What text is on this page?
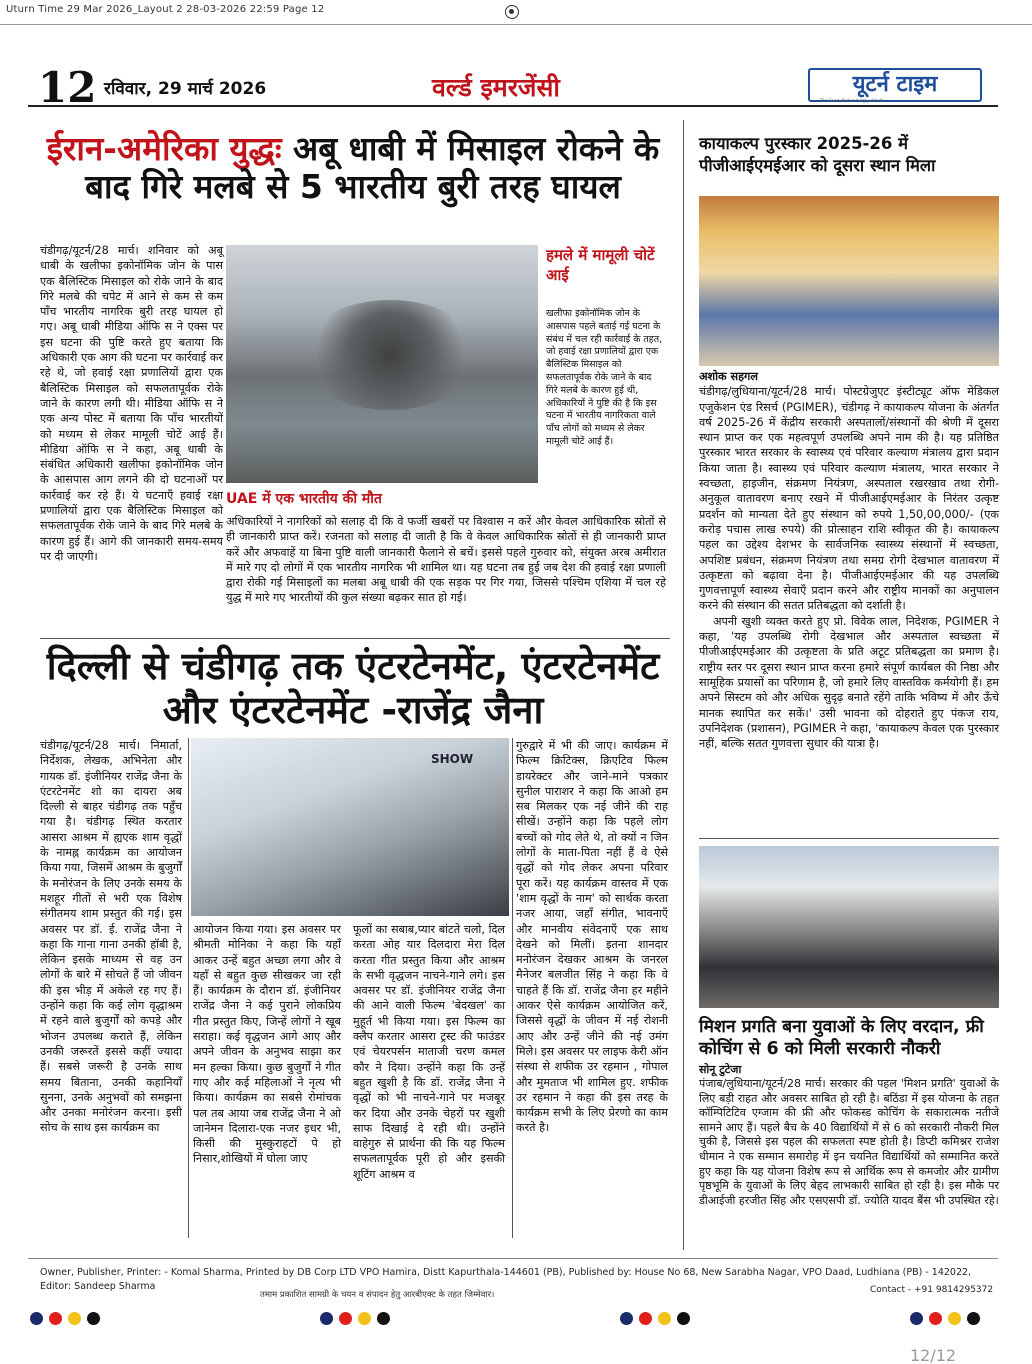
Uturn Time 29 Mar 2026_Layout 2 28-03-2026 22:59 Page 12
12 रविवार, 29 मार्च 2026	वर्ल्ड इमरजेंसी	यूटर्न टाइम
The Good, Bad and Ugly of India
ईरान-अमेरिका युद्धः अबू धाबी में मिसाइल रोकने के बाद गिरे मलबे से 5 भारतीय बुरी तरह घायल
चंडीगढ़/यूटर्न/28 मार्च। शनिवार को अबू धाबी के खलीफा इकोनॉमिक जोन के पास एक बैलिस्टिक मिसाइल को रोके जाने के बाद गिरे मलबे की चपेट में आने से कम से कम पाँच भारतीय नागरिक बुरी तरह घायल हो गए। अबू धाबी मीडिया ऑफि स ने एक्स पर इस घटना की पुष्टि करते हुए बताया कि अधिकारी एक आग की घटना पर कार्रवाई कर रहे थे, जो हवाई रक्षा प्रणालियों द्वारा एक बैलिस्टिक मिसाइल को सफलतापूर्वक रोके जाने के कारण लगी थी। मीडिया ऑफि स ने एक अन्य पोस्ट में बताया कि पाँच भारतीयों को मध्यम से लेकर मामूली चोटें आई हैं। मीडिया ऑफि स ने कहा, अबू धाबी के संबंधित अधिकारी खलीफा इकोनॉमिक जोन के आसपास आग लगने की दो घटनाओं पर कार्रवाई कर रहे हैं। ये घटनाएँ हवाई रक्षा प्रणालियों द्वारा एक बैलिस्टिक मिसाइल को सफलतापूर्वक रोके जाने के बाद गिरे मलबे के कारण हुई हैं। आगे की जानकारी समय-समय पर दी जाएगी।
हमले में मामूली चोटें आई
खलीफा इकोनॉमिक जोन के आसपास पहले बताई गई घटना के संबंध में चल रही कार्रवाई के तहत, जो हवाई रक्षा प्रणालियों द्वारा एक बैलिस्टिक मिसाइल को सफलतापूर्वक रोके जाने के बाद गिरे मलबे के कारण हुई थी, अधिकारियों ने पुष्टि की है कि इस घटना में भारतीय नागरिकता वाले पाँच लोगों को मध्यम से लेकर मामूली चोटें आई हैं।
UAE में एक भारतीय की मौत
अधिकारियों ने नागरिकों को सलाह दी कि वे फर्जी खबरों पर विश्वास न करें और केवल आधिकारिक स्रोतों से ही जानकारी प्राप्त करें। रजनता को सलाह दी जाती है कि वे केवल आधिकारिक स्रोतों से ही जानकारी प्राप्त करें और अफवाहें या बिना पुष्टि वाली जानकारी फैलाने से बचें। इससे पहले गुरुवार को, संयुक्त अरब अमीरात में मारे गए दो लोगों में एक भारतीय नागरिक भी शामिल था। यह घटना तब हुई जब देश की हवाई रक्षा प्रणाली द्वारा रोकी गई मिसाइलों का मलबा अबू धाबी की एक सड़क पर गिर गया, जिससे पश्चिम एशिया में चल रहे युद्ध में मारे गए भारतीयों की कुल संख्या बढ़कर सात हो गई।
दिल्ली से चंडीगढ़ तक एंटरटेनमेंट, एंटरटेनमेंट और एंटरटेनमेंट -राजेंद्र जैना
चंडीगढ़/यूटर्न/28 मार्च। निमार्ता, निर्देशक, लेखक, अभिनेता और गायक डॉ. इंजीनियर राजेंद्र जैना के एंटरटेनमेंट शो का दायरा अब दिल्ली से बाहर चंडीगढ़ तक पहुँच गया है। चंडीगढ़ स्थित करतार आसरा आश्रम में ह्यएक शाम वृद्धों के नामह्न कार्यक्रम का आयोजन किया गया, जिसमें आश्रम के बुजुर्गों के मनोरंजन के लिए उनके समय के मशहूर गीतों से भरी एक विशेष संगीतमय शाम प्रस्तुत की गई। इस अवसर पर डॉ. ई. राजेंद्र जैना ने कहा कि गाना गाना उनकी हॉबी है, लेकिन इसके माध्यम से वह उन लोगों के बारे में सोचते हैं जो जीवन की इस भीड़ में अकेले रह गए हैं। उन्होंने कहा कि कई लोग वृद्धाश्रम में रहने वाले बुजुर्गों को कपड़े और भोजन उपलब्ध कराते हैं, लेकिन उनकी जरूरतें इससे कहीं ज्यादा हैं। सबसे जरूरी है उनके साथ समय बिताना, उनकी कहानियाँ सुनना, उनके अनुभवों को समझना और उनका मनोरंजन करना। इसी सोच के साथ इस कार्यक्रम का
SHOW
आयोजन किया गया। इस अवसर पर श्रीमती मोनिका ने कहा कि यहाँ आकर उन्हें बहुत अच्छा लगा और वे यहाँ से बहुत कुछ सीखकर जा रही हैं। कार्यक्रम के दौरान डॉ. इंजीनियर राजेंद्र जैना ने कई पुराने लोकप्रिय गीत प्रस्तुत किए, जिन्हें लोगों ने खूब सराहा। कई वृद्धजन आगे आए और अपने जीवन के अनुभव साझा कर मन हल्का किया। कुछ बुजुर्गों ने गीत गाए और कई महिलाओं ने नृत्य भी किया। कार्यक्रम का सबसे रोमांचक पल तब आया जब राजेंद्र जैना ने ओ जानेमन दिलारा-एक नजर इधर भी, किसी की मुस्कुराहटों पे हो निसार,शोखियों में घोला जाए
फूलों का सबाब,प्यार बांटते चलो, दिल करता ओह यार दिलदारा मेरा दिल करता गीत प्रस्तुत किया और आश्रम के सभी वृद्धजन नाचने-गाने लगे। इस अवसर पर डॉ. इंजीनियर राजेंद्र जैना की आने वाली फिल्म 'बेदखल' का मुहूर्त भी किया गया। इस फिल्म का क्लैप करतार आसरा ट्रस्ट की फाउंडर एवं चेयरपर्सन माताजी चरण कमल कौर ने दिया। उन्होंने कहा कि उन्हें बहुत खुशी है कि डॉ. राजेंद्र जैना ने वृद्धों को भी नाचने-गाने पर मजबूर कर दिया और उनके चेहरों पर खुशी साफ दिखाई दे रही थी। उन्होंने वाहेगुरु से प्रार्थना की कि यह फिल्म सफलतापूर्वक पूरी हो और इसकी शूटिंग आश्रम व
गुरुद्वारे में भी की जाए। कार्यक्रम में फिल्म क्रिटिक्स, क्रिएटिव फिल्म डायरेक्टर और जाने-माने पत्रकार सुनील पाराशर ने कहा कि आओ हम सब मिलकर एक नई जीने की राह सीखें। उन्होंने कहा कि पहले लोग बच्चों को गोद लेते थे, तो क्यों न जिन लोगों के माता-पिता नहीं हैं वे ऐसे वृद्धों को गोद लेकर अपना परिवार पूरा करें। यह कार्यक्रम वास्तव में एक 'शाम वृद्धों के नाम' को सार्थक करता नजर आया, जहाँ संगीत, भावनाएँ और मानवीय संवेदनाएँ एक साथ देखने को मिलीं। इतना शानदार मनोरंजन देखकर आश्रम के जनरल मैनेजर बलजीत सिंह ने कहा कि वे चाहते हैं कि डॉ. राजेंद्र जैना हर महीने आकर ऐसे कार्यक्रम आयोजित करें, जिससे वृद्धों के जीवन में नई रोशनी आए और उन्हें जीने की नई उमंग मिले। इस अवसर पर लाइफ केरी ऑन संस्था से शफीक उर रहमान , गोपाल और मुमताज भी शामिल हुए. शफीक उर रहमान ने कहा की इस तरह के कार्यक्रम सभी के लिए प्रेरणो का काम करते है।
कायाकल्प पुरस्कार 2025-26 में पीजीआईएमईआर को दूसरा स्थान मिला
अशोक सहगल
चंडीगढ़/लुधियाना/यूटर्न/28 मार्च। पोस्टग्रेजुएट इंस्टीट्यूट ऑफ मेडिकल एजुकेशन एंड रिसर्च (PGIMER), चंडीगढ़ ने कायाकल्प योजना के अंतर्गत वर्ष 2025-26 में केंद्रीय सरकारी अस्पतालों/संस्थानों की श्रेणी में दूसरा स्थान प्राप्त कर एक महत्वपूर्ण उपलब्धि अपने नाम की है। यह प्रतिष्ठित पुरस्कार भारत सरकार के स्वास्थ्य एवं परिवार कल्याण मंत्रालय द्वारा प्रदान किया जाता है। स्वास्थ्य एवं परिवार कल्याण मंत्रालय, भारत सरकार ने स्वच्छता, हाइजीन, संक्रमण नियंत्रण, अस्पताल रखरखाव तथा रोगी-अनुकूल वातावरण बनाए रखने में पीजीआईएमईआर के निरंतर उत्कृष्ट प्रदर्शन को मान्यता देते हुए संस्थान को रुपये 1,50,00,000/- (एक करोड़ पचास लाख रुपये) की प्रोत्साहन राशि स्वीकृत की है। कायाकल्प पहल का उद्देश्य देशभर के सार्वजनिक स्वास्थ्य संस्थानों में स्वच्छता, अपशिष्ट प्रबंधन, संक्रमण नियंत्रण तथा समग्र रोगी देखभाल वातावरण में उत्कृष्टता को बढ़ावा देना है। पीजीआईएमईआर की यह उपलब्धि गुणवत्तापूर्ण स्वास्थ्य सेवाएँ प्रदान करने और राष्ट्रीय मानकों का अनुपालन करने की संस्थान की सतत प्रतिबद्धता को दर्शाती है।
अपनी खुशी व्यक्त करते हुए प्रो. विवेक लाल, निदेशक, PGIMER ने कहा, 'यह उपलब्धि रोगी देखभाल और अस्पताल स्वच्छता में पीजीआईएमईआर की उत्कृष्टता के प्रति अटूट प्रतिबद्धता का प्रमाण है। राष्ट्रीय स्तर पर दूसरा स्थान प्राप्त करना हमारे संपूर्ण कार्यबल की निष्ठा और सामूहिक प्रयासों का परिणाम है, जो हमारे लिए वास्तविक कर्मयोगी हैं। हम अपने सिस्टम को और अधिक सुदृढ़ बनाते रहेंगे ताकि भविष्य में और ऊँचे मानक स्थापित कर सकें।' उसी भावना को दोहराते हुए पंकज राय, उपनिदेशक (प्रशासन), PGIMER ने कहा, 'कायाकल्प केवल एक पुरस्कार नहीं, बल्कि सतत गुणवत्ता सुधार की यात्रा है।
मिशन प्रगति बना युवाओं के लिए वरदान, फ्री कोचिंग से 6 को मिली सरकारी नौकरी
सोनू टुटेजा
पंजाब/लुधियाना/यूटर्न/28 मार्च। सरकार की पहल 'मिशन प्रगति' युवाओं के लिए बड़ी राहत और अवसर साबित हो रही है। बठिंडा में इस योजना के तहत कॉम्पिटिटिव एग्जाम की फ्री और फोकस्ड कोचिंग के सकारात्मक नतीजे सामने आए हैं। पहले बैच के 40 विद्यार्थियों में से 6 को सरकारी नौकरी मिल चुकी है, जिससे इस पहल की सफलता स्पष्ट होती है। डिप्टी कमिश्नर राजेश धीमान ने एक सम्मान समारोह में इन चयनित विद्यार्थियों को सम्मानित करते हुए कहा कि यह योजना विशेष रूप से आर्थिक रूप से कमजोर और ग्रामीण पृष्ठभूमि के युवाओं के लिए बेहद लाभकारी साबित हो रही है। इस मौके पर डीआईजी हरजीत सिंह और एसएसपी डॉ. ज्योति यादव बैंस भी उपस्थित रहे।
Owner, Publisher, Printer: - Komal Sharma, Printed by DB Corp LTD VPO Hamira, Distt Kapurthala-144601 (PB), Published by: House No 68, New Sarabha Nagar, VPO Daad, Ludhiana (PB) - 142022, Editor: Sandeep Sharma
तमाम प्रकाशित सामग्री के चयन व संपादन हेतु आरबीएक्ट के तहत जिम्मेवार।	Contact - +91 9814295372
12/12
